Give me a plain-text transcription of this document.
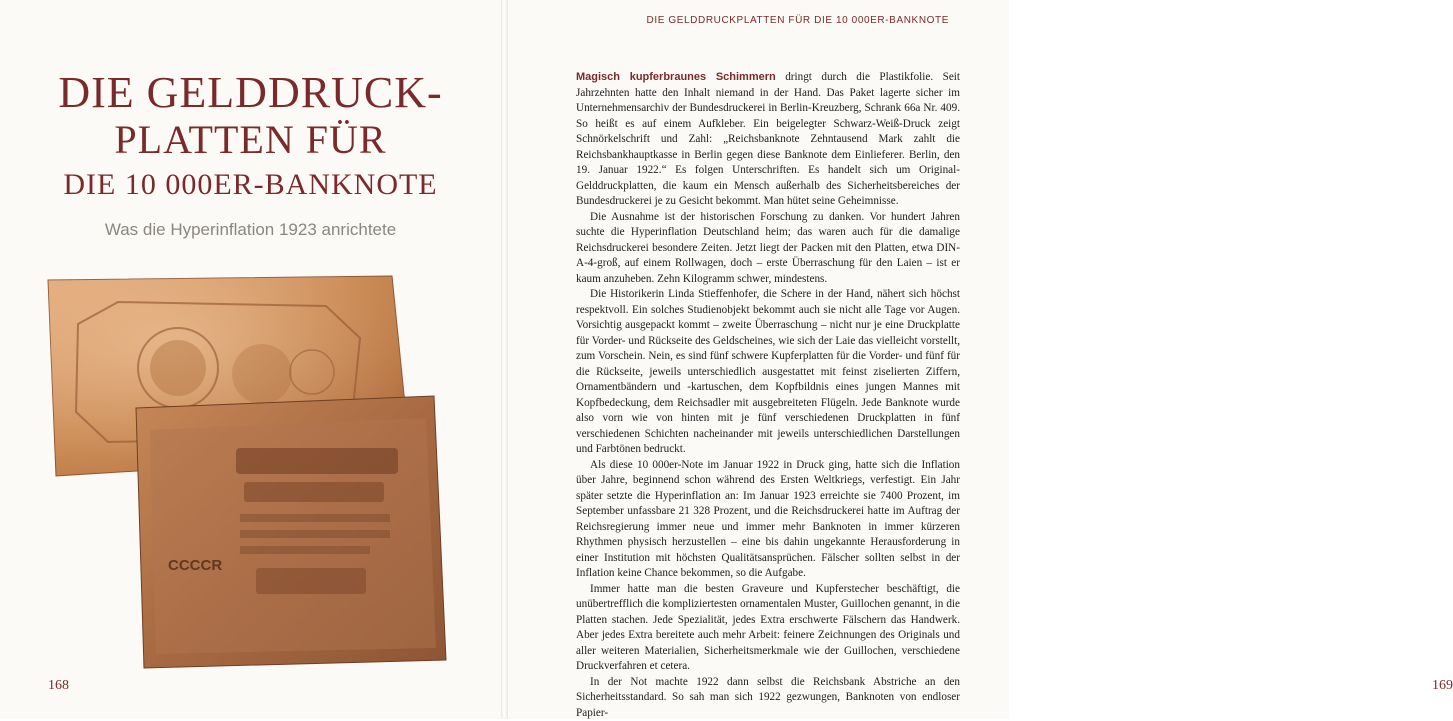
DIE GELDDRUCK-
PLATTEN FÜR
DIE 10 000ER-BANKNOTE
Was die Hyperinflation 1923 anrichtete
CCCCR
168
DIE GELDDRUCKPLATTEN FÜR DIE 10 000ER-BANKNOTE
169

Magisch kupferbraunes Schimmern dringt durch die Plastikfolie. Seit Jahrzehnten hatte den Inhalt niemand in der Hand. Das Paket lagerte sicher im Unternehmensarchiv der Bundesdruckerei in Berlin-Kreuzberg, Schrank 66a Nr. 409. So heißt es auf einem Aufkleber. Ein beigelegter Schwarz-Weiß-Druck zeigt Schnörkelschrift und Zahl: „Reichsbanknote Zehntausend Mark zahlt die Reichsbankhauptkasse in Berlin gegen diese Banknote dem Einlieferer. Berlin, den 19. Januar 1922.“ Es folgen Unterschriften. Es handelt sich um Original-Gelddruckplatten, die kaum ein Mensch außerhalb des Sicherheitsbereiches der Bundesdruckerei je zu Gesicht bekommt. Man hütet seine Geheimnisse.

Die Ausnahme ist der historischen Forschung zu danken. Vor hundert Jahren suchte die Hyperinflation Deutschland heim; das waren auch für die damalige Reichsdruckerei besondere Zeiten. Jetzt liegt der Packen mit den Platten, etwa DIN-A-4-groß, auf einem Rollwagen, doch – erste Überraschung für den Laien – ist er kaum anzuheben. Zehn Kilogramm schwer, mindestens.

Die Historikerin Linda Stieffenhofer, die Schere in der Hand, nähert sich höchst respektvoll. Ein solches Studienobjekt bekommt auch sie nicht alle Tage vor Augen. Vorsichtig ausgepackt kommt – zweite Überraschung – nicht nur je eine Druckplatte für Vorder- und Rückseite des Geldscheines, wie sich der Laie das vielleicht vorstellt, zum Vorschein. Nein, es sind fünf schwere Kupferplatten für die Vorder- und fünf für die Rückseite, jeweils unterschiedlich ausgestattet mit feinst ziselierten Ziffern, Ornamentbändern und -kartuschen, dem Kopfbildnis eines jungen Mannes mit Kopfbedeckung, dem Reichsadler mit ausgebreiteten Flügeln. Jede Banknote wurde also vorn wie von hinten mit je fünf verschiedenen Druckplatten in fünf verschiedenen Schichten nacheinander mit jeweils unterschiedlichen Darstellungen und Farbtönen bedruckt.

Als diese 10 000er-Note im Januar 1922 in Druck ging, hatte sich die Inflation über Jahre, beginnend schon während des Ersten Weltkriegs, verfestigt. Ein Jahr später setzte die Hyperinflation an: Im Januar 1923 erreichte sie 7400 Prozent, im September unfassbare 21 328 Prozent, und die Reichsdruckerei hatte im Auftrag der Reichsregierung immer neue und immer mehr Banknoten in immer kürzeren Rhythmen physisch herzustellen – eine bis dahin ungekannte Herausforderung in einer Institution mit höchsten Qualitätsansprüchen. Fälscher sollten selbst in der Inflation keine Chance bekommen, so die Aufgabe.

Immer hatte man die besten Graveure und Kupferstecher beschäftigt, die unübertrefflich die kompliziertesten ornamentalen Muster, Guillochen genannt, in die Platten stachen. Jede Spezialität, jedes Extra erschwerte Fälschern das Handwerk. Aber jedes Extra bereitete auch mehr Arbeit: feinere Zeichnungen des Originals und aller weiteren Materialien, Sicherheitsmerkmale wie der Guillochen, verschiedene Druckverfahren et cetera.

In der Not machte 1922 dann selbst die Reichsbank Abstriche an den Sicherheitsstandard. So sah man sich 1922 gezwungen, Banknoten von endloser Papier-
